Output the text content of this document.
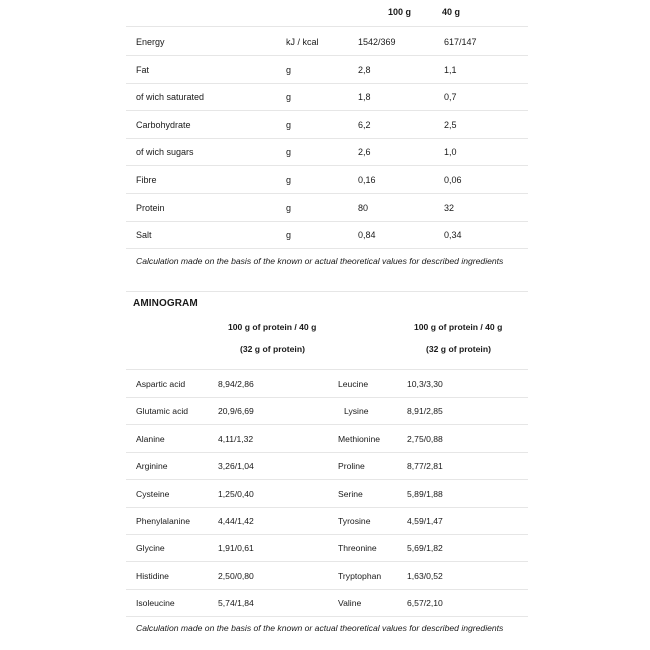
100 g	40 g
Energy	kJ / kcal	1542/369	617/147
Fat	g	2,8	1,1
of wich saturated	g	1,8	0,7
Carbohydrate	g	6,2	2,5
of wich sugars	g	2,6	1,0
Fibre	g	0,16	0,06
Protein	g	80	32
Salt	g	0,84	0,34

Calculation made on the basis of the known or actual theoretical values for described ingredients

AMINOGRAM
100 g of protein / 40 g
(32 g of protein)
100 g of protein / 40 g
(32 g of protein)
Aspartic acid	8,94/2,86	Leucine	10,3/3,30
Glutamic acid	20,9/6,69	Lysine	8,91/2,85
Alanine	4,11/1,32	Methionine	2,75/0,88
Arginine	3,26/1,04	Proline	8,77/2,81
Cysteine	1,25/0,40	Serine	5,89/1,88
Phenylalanine	4,44/1,42	Tyrosine	4,59/1,47
Glycine	1,91/0,61	Threonine	5,69/1,82
Histidine	2,50/0,80	Tryptophan	1,63/0,52
Isoleucine	5,74/1,84	Valine	6,57/2,10

Calculation made on the basis of the known or actual theoretical values for described ingredients
